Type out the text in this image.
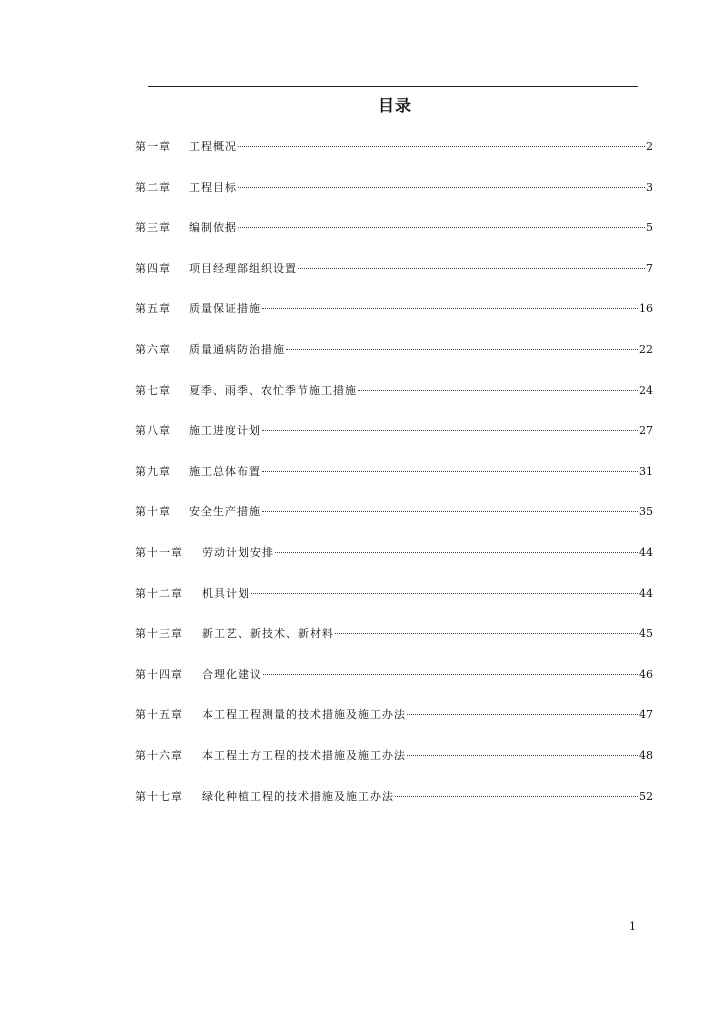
目录
第一章	工程概况	2
第二章	工程目标	3
第三章	编制依据	5
第四章	项目经理部组织设置	7
第五章	质量保证措施	16
第六章	质量通病防治措施	22
第七章	夏季、雨季、农忙季节施工措施	24
第八章	施工进度计划	27
第九章	施工总体布置	31
第十章	安全生产措施	35
第十一章	劳动计划安排	44
第十二章	机具计划	44
第十三章	新工艺、新技术、新材料	45
第十四章	合理化建议	46
第十五章	本工程工程测量的技术措施及施工办法	47
第十六章	本工程土方工程的技术措施及施工办法	48
第十七章	绿化种植工程的技术措施及施工办法	52
1
